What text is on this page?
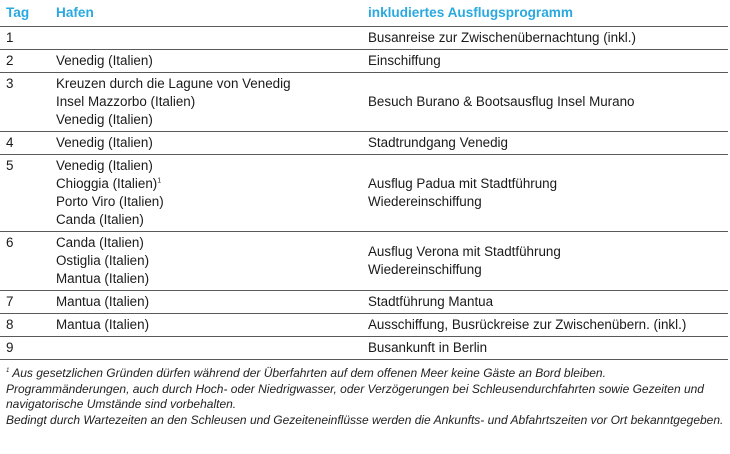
Tag	Hafen	inkludiertes Ausflugsprogramm
1		Busanreise zur Zwischenübernachtung (inkl.)

2	Venedig (Italien)	Einschiffung

3	Kreuzen durch die Lagune von Venedig
Insel Mazzorbo (Italien)
Venedig (Italien)	Besuch Burano & Bootsausflug Insel Murano

4	Venedig (Italien)	Stadtrundgang Venedig

5	Venedig (Italien)
Chioggia (Italien)$^1$
Porto Viro (Italien)
Canda (Italien)	Ausflug Padua mit Stadtführung
Wiedereinschiffung

6	Canda (Italien)
Ostiglia (Italien)
Mantua (Italien)	Ausflug Verona mit Stadtführung
Wiedereinschiffung

7	Mantua (Italien)	Stadtführung Mantua

8	Mantua (Italien)	Ausschiffung, Busrückreise zur Zwischenübern. (inkl.)

9		Busankunft in Berlin

$^1$ Aus gesetzlichen Gründen dürfen während der Überfahrten auf dem offenen Meer keine Gäste an Bord bleiben.

Programmänderungen, auch durch Hoch- oder Niedrigwasser, oder Verzögerungen bei Schleusendurchfahrten sowie Gezeiten und

navigatorische Umstände sind vorbehalten.

Bedingt durch Wartezeiten an den Schleusen und Gezeiteneinflüsse werden die Ankunfts- und Abfahrtszeiten vor Ort bekanntgegeben.
